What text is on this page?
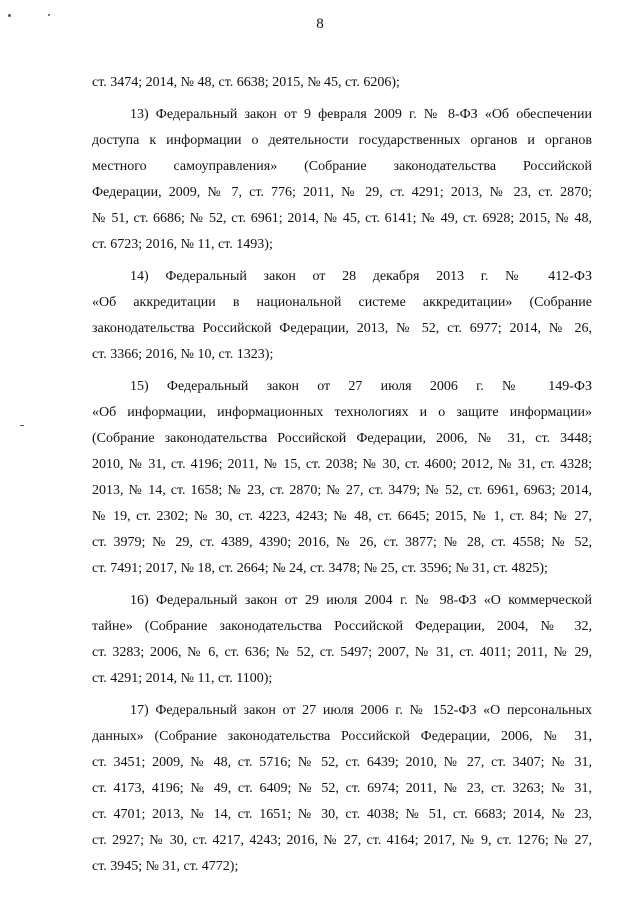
8
ст. 3474; 2014, № 48, ст. 6638; 2015, № 45, ст. 6206);
13) Федеральный закон от 9 февраля 2009 г. № 8-ФЗ «Об обеспечении
доступа к информации о деятельности государственных органов и органов
местного самоуправления» (Собрание законодательства Российской
Федерации, 2009, № 7, ст. 776; 2011, № 29, ст. 4291; 2013, № 23, ст. 2870;
№ 51, ст. 6686; № 52, ст. 6961; 2014, № 45, ст. 6141; № 49, ст. 6928; 2015, № 48,
ст. 6723; 2016, № 11, ст. 1493);
14) Федеральный закон от 28 декабря 2013 г. № 412-ФЗ
«Об аккредитации в национальной системе аккредитации» (Собрание
законодательства Российской Федерации, 2013, № 52, ст. 6977; 2014, № 26,
ст. 3366; 2016, № 10, ст. 1323);
15) Федеральный закон от 27 июля 2006 г. № 149-ФЗ
«Об информации, информационных технологиях и о защите информации»
(Собрание законодательства Российской Федерации, 2006, № 31, ст. 3448;
2010, № 31, ст. 4196; 2011, № 15, ст. 2038; № 30, ст. 4600; 2012, № 31, ст. 4328;
2013, № 14, ст. 1658; № 23, ст. 2870; № 27, ст. 3479; № 52, ст. 6961, 6963; 2014,
№ 19, ст. 2302; № 30, ст. 4223, 4243; № 48, ст. 6645; 2015, № 1, ст. 84; № 27,
ст. 3979; № 29, ст. 4389, 4390; 2016, № 26, ст. 3877; № 28, ст. 4558; № 52,
ст. 7491; 2017, № 18, ст. 2664; № 24, ст. 3478; № 25, ст. 3596; № 31, ст. 4825);
16) Федеральный закон от 29 июля 2004 г. № 98-ФЗ «О коммерческой
тайне» (Собрание законодательства Российской Федерации, 2004, № 32,
ст. 3283; 2006, № 6, ст. 636; № 52, ст. 5497; 2007, № 31, ст. 4011; 2011, № 29,
ст. 4291; 2014, № 11, ст. 1100);
17) Федеральный закон от 27 июля 2006 г. № 152-ФЗ «О персональных
данных» (Собрание законодательства Российской Федерации, 2006, № 31,
ст. 3451; 2009, № 48, ст. 5716; № 52, ст. 6439; 2010, № 27, ст. 3407; № 31,
ст. 4173, 4196; № 49, ст. 6409; № 52, ст. 6974; 2011, № 23, ст. 3263; № 31,
ст. 4701; 2013, № 14, ст. 1651; № 30, ст. 4038; № 51, ст. 6683; 2014, № 23,
ст. 2927; № 30, ст. 4217, 4243; 2016, № 27, ст. 4164; 2017, № 9, ст. 1276; № 27,
ст. 3945; № 31, ст. 4772);
